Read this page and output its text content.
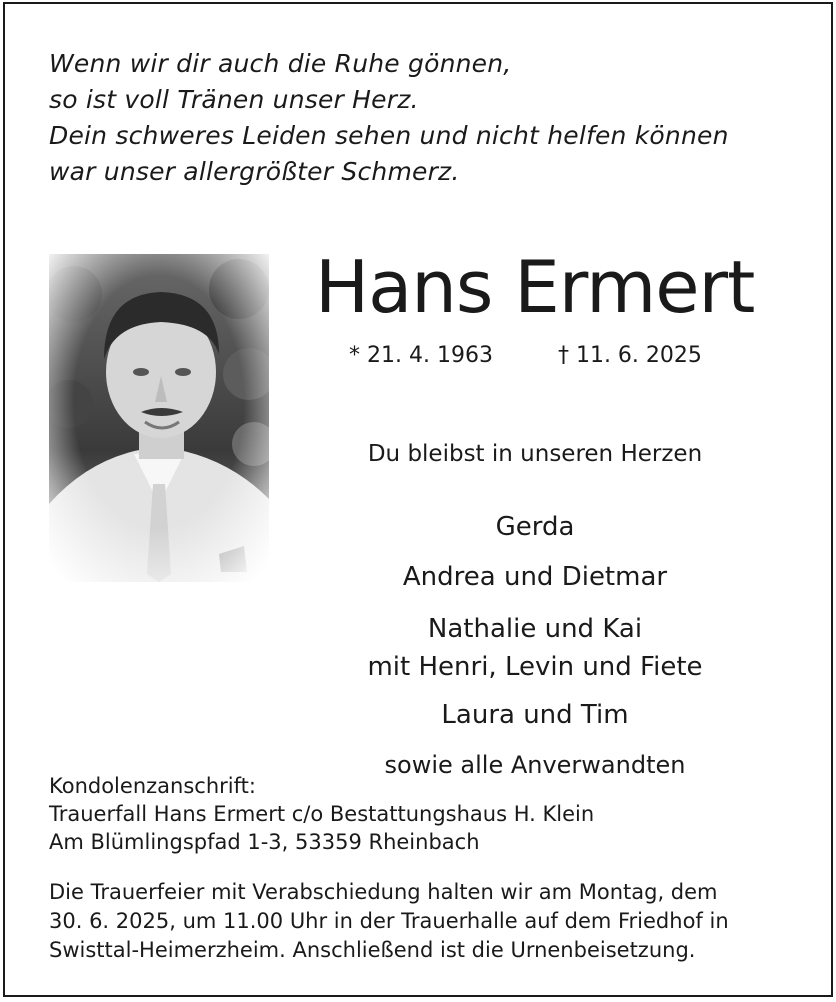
Wenn wir dir auch die Ruhe gönnen,
so ist voll Tränen unser Herz.
Dein schweres Leiden sehen und nicht helfen können
war unser allergrößter Schmerz.
Hans Ermert
* 21. 4. 1963	† 11. 6. 2025
Du bleibst in unseren Herzen
Gerda
Andrea und Dietmar
Nathalie und Kai
mit Henri, Levin und Fiete
Laura und Tim
sowie alle Anverwandten
Kondolenzanschrift:
Trauerfall Hans Ermert c/o Bestattungshaus H. Klein
Am Blümlingspfad 1-3, 53359 Rheinbach
Die Trauerfeier mit Verabschiedung halten wir am Montag, dem
30. 6. 2025, um 11.00 Uhr in der Trauerhalle auf dem Friedhof in
Swisttal-Heimerzheim. Anschließend ist die Urnenbeisetzung.
